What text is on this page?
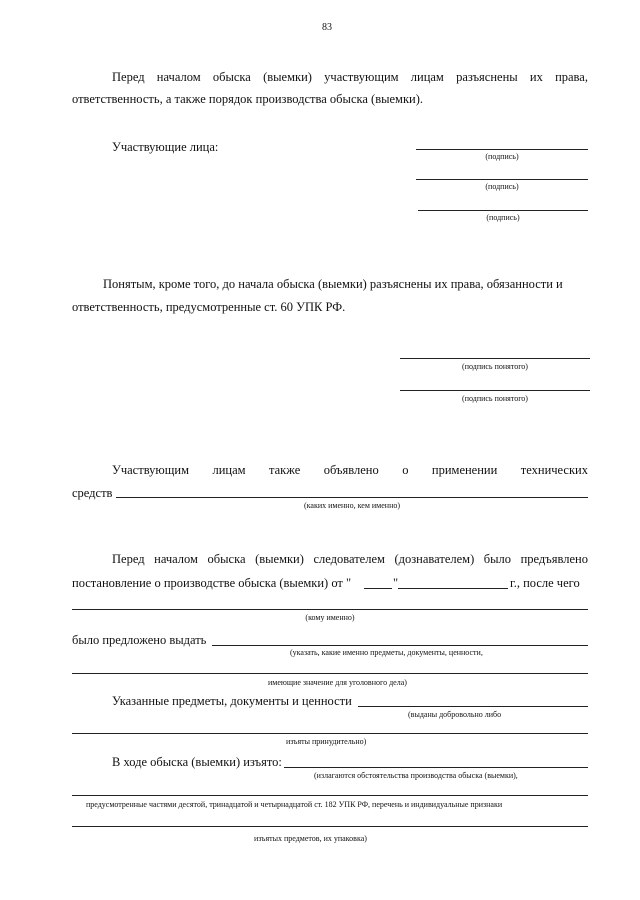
83
Перед началом обыска (выемки) участвующим лицам разъяснены их права,
ответственность, а также порядок производства обыска (выемки).
Участвующие лица:
(подпись)
(подпись)
(подпись)
Понятым, кроме того, до начала обыска (выемки) разъяснены их права, обязанности и
ответственность, предусмотренные ст. 60 УПК РФ.
(подпись понятого)
(подпись понятого)
Участвующим лицам также объявлено о применении технических
средств
(каких именно, кем именно)
Перед началом обыска (выемки) следователем (дознавателем) было предъявлено
постановление о производстве обыска (выемки) от "	"	г., после чего
(кому именно)
было предложено выдать
(указать, какие именно предметы, документы, ценности,
имеющие значение для уголовного дела)
Указанные предметы, документы и ценности
(выданы добровольно либо
изъяты принудительно)
В ходе обыска (выемки) изъято:
(излагаются обстоятельства производства обыска (выемки),
предусмотренные частями десятой, тринадцатой и четырнадцатой ст. 182 УПК РФ, перечень и индивидуальные признаки
изъятых предметов, их упаковка)
